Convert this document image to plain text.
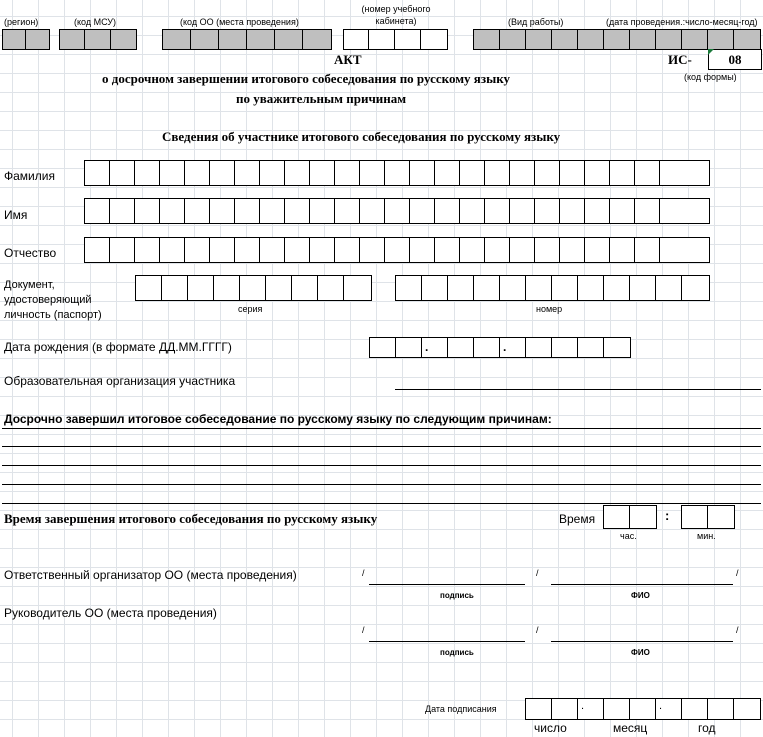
(регион)	(код МСУ)	(код ОО (места проведения)
(номер учебного кабинета)	(Вид работы)	(дата проведения.:число-месяц-год)
АКТ
о досрочном завершении итогового собеседования по русскому языку
по уважительным причинам
ИС-	08
(код формы)
Сведения об участнике итогового собеседования по русскому языку
Фамилия
Имя
Отчество
Документ,
удостоверяющий
личность (паспорт)	серия	номер
Дата рождения (в формате ДД.ММ.ГГГГ)	.	.
Образовательная организация участника
Досрочно завершил итоговое собеседование по русскому языку по следующим причинам:
Время завершения итогового собеседования по русскому языку	Время	:
час.	мин.
Ответственный организатор ОО (места проведения)	/	/	/
подпись	ФИО
Руководитель ОО (места проведения)
/	/	/
подпись	ФИО
Дата подписания	.	.
число	месяц	год
